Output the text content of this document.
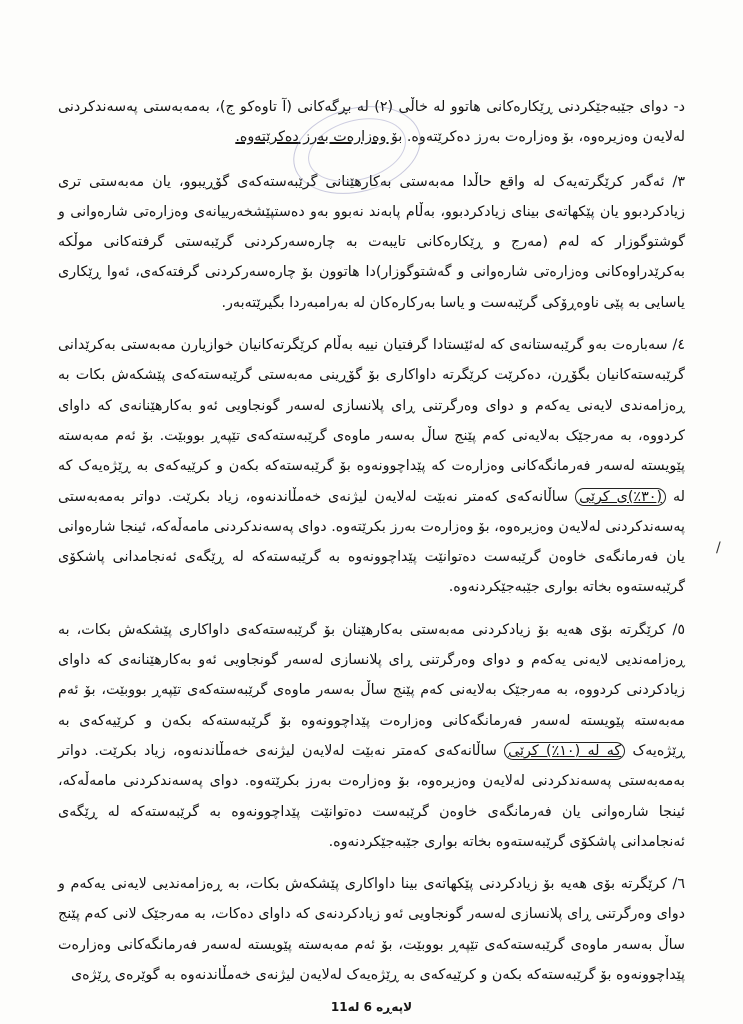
د- دوای جێبەجێکردنی ڕێکارەکانی هاتوو لە خاڵی (٢) لە بڕگەکانی (آ تاوەکو ج)، بەمەبەستی پەسەندکردنی لەلایەن وەزیرەوە، بۆ وەزارەت بەرز دەکرێتەوە. بۆ وەزارەت بەرز دەکرێتەوە.

٣/ ئەگەر کرێگرتەیەک لە واقع حاڵدا مەبەستی بەکارهێنانی گرێبەستەکەی گۆڕیبوو، یان مەبەستی تری زیادکردبوو یان پێکهاتەی بینای زیادکردبوو، بەڵام پابەند نەبوو بەو دەستپێشخەرییانەی وەزارەتی شارەوانی و گوشتوگوزار کە لەم (مەرج و ڕێکارەکانی تایبەت بە چارەسەرکردنی گرێبەستی گرفتەکانی موڵکە بەکرێدراوەکانی وەزارەتی شارەوانی و گەشتوگوزار)دا هاتوون بۆ چارەسەرکردنی گرفتەکەی، ئەوا ڕێکاری یاسایی بە پێی ناوەڕۆکی گرێبەست و یاسا بەرکارەکان لە بەرامبەردا بگیرێتەبەر.

٤/ سەبارەت بەو گرێبەستانەی کە لەئێستادا گرفتیان نییە بەڵام کرێگرتەکانیان خوازیارن مەبەستی بەکرێدانی گرێبەستەکانیان بگۆڕن، دەکرێت کرێگرتە داواکاری بۆ گۆڕینی مەبەستی گرێبەستەکەی پێشکەش بکات بە ڕەزامەندی لایەنی یەکەم و دوای وەرگرتنی ڕای پلانسازی لەسەر گونجاویی ئەو بەکارهێنانەی کە داوای کردووە، بە مەرجێک بەلایەنی کەم پێنج ساڵ بەسەر ماوەی گرێبەستەکەی تێپەڕ بووبێت. بۆ ئەم مەبەستە پێویستە لەسەر فەرمانگەکانی وەزارەت کە پێداچوونەوە بۆ گرێبەستەکە بکەن و کرێیەکەی بە ڕێژەیەک کە لە (٣٠٪)ی کرێی ساڵانەکەی کەمتر نەبێت لەلایەن لیژنەی خەمڵاندنەوە، زیاد بکرێت. دواتر بەمەبەستی پەسەندکردنی لەلایەن وەزیرەوە، بۆ وەزارەت بەرز بکرێتەوە. دوای پەسەندکردنی مامەڵەکە، ئینجا شارەوانی یان فەرمانگەی خاوەن گرێبەست دەتوانێت پێداچوونەوە بە گرێبەستەکە لە ڕێگەی ئەنجامدانی پاشکۆی گرێبەستەوە بخاتە بواری جێبەجێکردنەوە.

٥/ کرێگرتە بۆی هەیە بۆ زیادکردنی مەبەستی بەکارهێنان بۆ گرێبەستەکەی داواکاری پێشکەش بکات، بە ڕەزامەندیی لایەنی یەکەم و دوای وەرگرتنی ڕای پلانسازی لەسەر گونجاویی ئەو بەکارهێنانەی کە داوای زیادکردنی کردووە، بە مەرجێک بەلایەنی کەم پێنج ساڵ بەسەر ماوەی گرێبەستەکەی تێپەڕ بووبێت، بۆ ئەم مەبەستە پێویستە لەسەر فەرمانگەکانی وەزارەت پێداچوونەوە بۆ گرێبەستەکە بکەن و کرێیەکەی بە ڕێژەیەک کە لە (١٠٪) کرێی ساڵانەکەی کەمتر نەبێت لەلایەن لیژنەی خەمڵاندنەوە، زیاد بکرێت. دواتر بەمەبەستی پەسەندکردنی لەلایەن وەزیرەوە، بۆ وەزارەت بەرز بکرێتەوە. دوای پەسەندکردنی مامەڵەکە، ئینجا شارەوانی یان فەرمانگەی خاوەن گرێبەست دەتوانێت پێداچوونەوە بە گرێبەستەکە لە ڕێگەی ئەنجامدانی پاشکۆی گرێبەستەوە بخاتە بواری جێبەجێکردنەوە.

٦/ کرێگرتە بۆی هەیە بۆ زیادکردنی پێکهاتەی بینا داواکاری پێشکەش بکات، بە ڕەزامەندیی لایەنی یەکەم و دوای وەرگرتنی ڕای پلانسازی لەسەر گونجاویی ئەو زیادکردنەی کە داوای دەکات، بە مەرجێک لانی کەم پێنج ساڵ بەسەر ماوەی گرێبەستەکەی تێپەڕ بووبێت، بۆ ئەم مەبەستە پێویستە لەسەر فەرمانگەکانی وەزارەت پێداچوونەوە بۆ گرێبەستەکە بکەن و کرێیەکەی بە ڕێژەیەک لەلایەن لیژنەی خەمڵاندنەوە بە گوێرەی ڕێژەی

/
لاپەڕە 6 لە11
